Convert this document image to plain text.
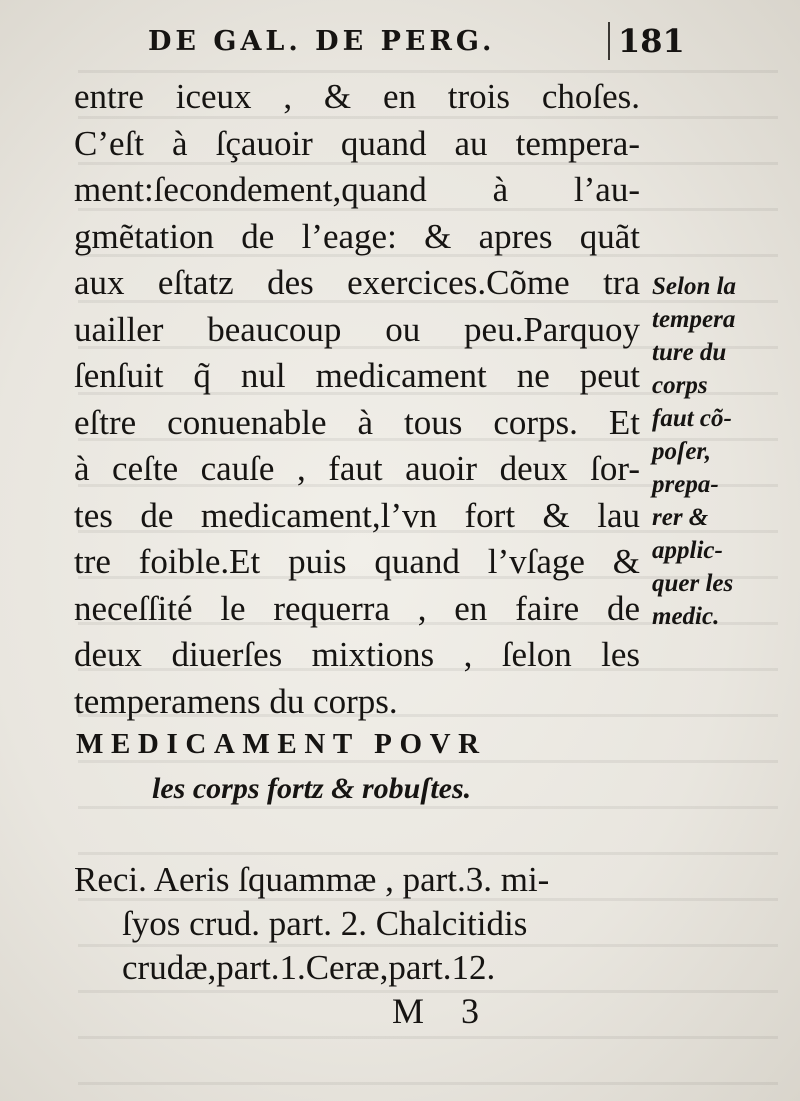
DE GAL. DE PERG.	181
entre iceux , & en trois choſes.
C’eſt à ſçauoir quand au tempera-
ment:ſecondement,quand à l’au-
gmẽtation de l’eage: & apres quãt
aux eſtatz des exercices.Cõme tra
uailler beaucoup ou peu.Parquoy
ſenſuit q̃ nul medicament ne peut
eſtre conuenable à tous corps. Et
à ceſte cauſe , faut auoir deux ſor-
tes de medicament,l’vn fort & lau
tre foible.Et puis quand l’vſage &
neceſſité le requerra , en faire de
deux diuerſes mixtions , ſelon les
temperamens du corps.
Selon la
tempera
ture du
corps
faut cõ-
poſer,
prepa-
rer &
applic-
quer les
medic.
MEDICAMENT POVR
les corps fortz & robuſtes.
Reci. Aeris ſquammæ , part.3. mi-
ſyos crud. part. 2. Chalcitidis
crudæ,part.1.Ceræ,part.12.
M 3
